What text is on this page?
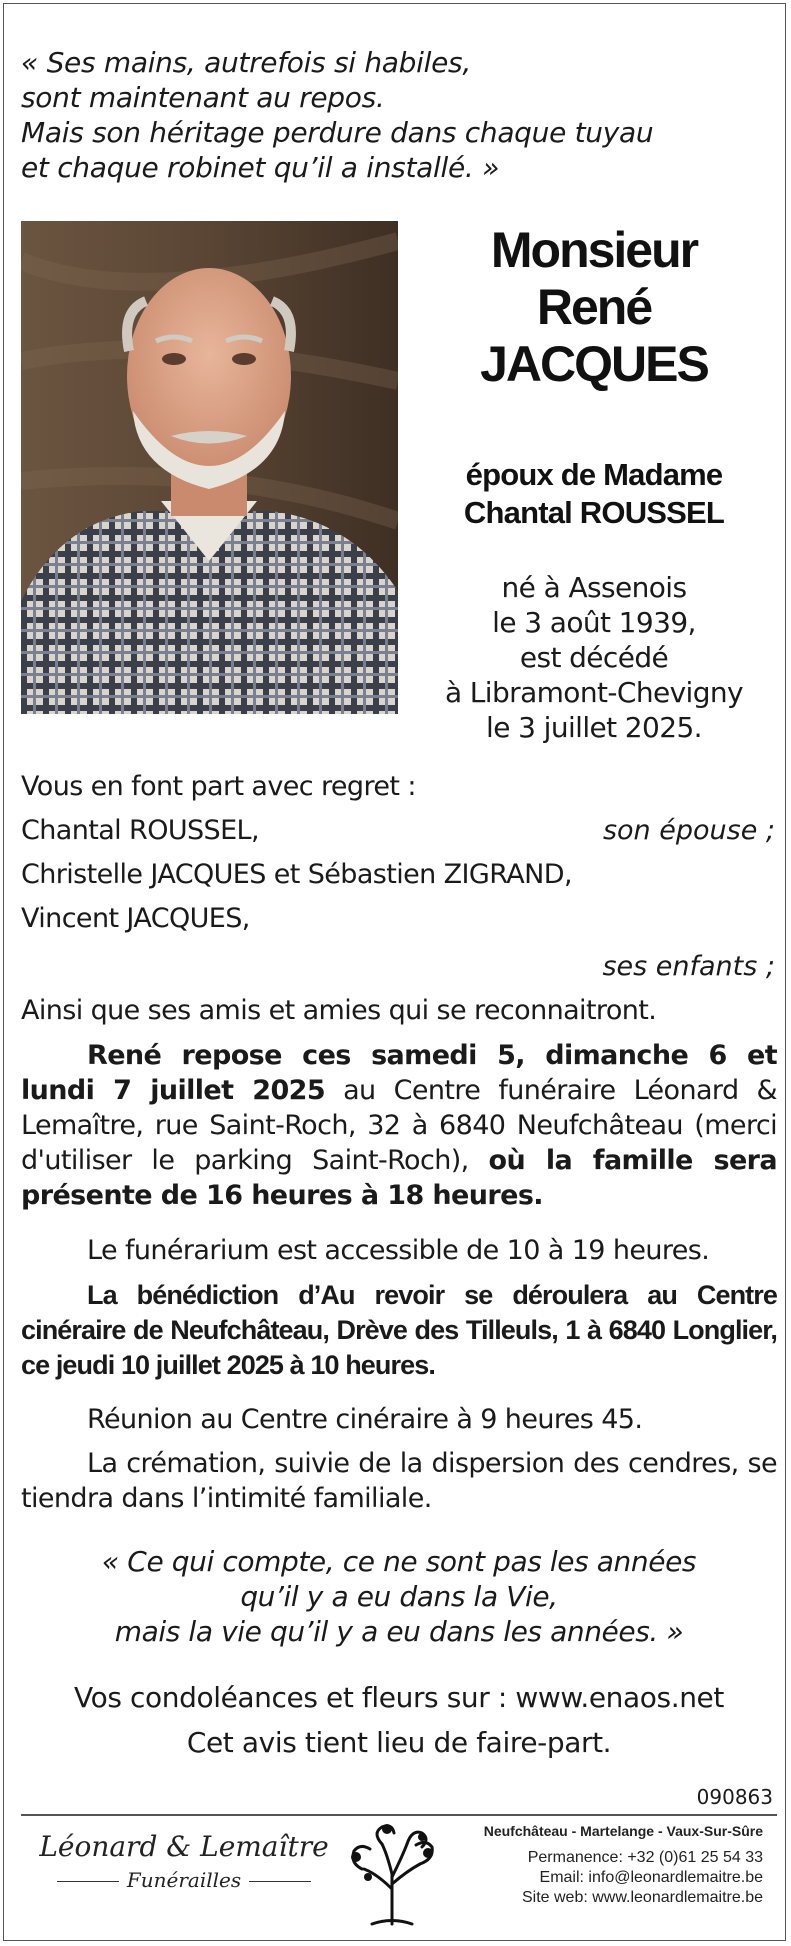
« Ses mains, autrefois si habiles,
sont maintenant au repos.
Mais son héritage perdure dans chaque tuyau
et chaque robinet qu’il a installé. »
Monsieur
René
JACQUES
époux de Madame
Chantal ROUSSEL
né à Assenois
le 3 août 1939,
est décédé
à Libramont-Chevigny
le 3 juillet 2025.
Vous en font part avec regret :
Chantal ROUSSEL,	son épouse ;
Christelle JACQUES et Sébastien ZIGRAND,
Vincent JACQUES,
ses enfants ;
Ainsi que ses amis et amies qui se reconnaitront.
René repose ces samedi 5, dimanche 6 et lundi 7 juillet 2025 au Centre funéraire Léonard & Lemaître, rue Saint-Roch, 32 à 6840 Neufchâteau (merci d'utiliser le parking Saint-Roch), où la famille sera présente de 16 heures à 18 heures.
Le funérarium est accessible de 10 à 19 heures.
La bénédiction d’Au revoir se déroulera au Centre cinéraire de Neufchâteau, Drève des Tilleuls, 1 à 6840 Longlier, ce jeudi 10 juillet 2025 à 10 heures.
Réunion au Centre cinéraire à 9 heures 45.
La crémation, suivie de la dispersion des cendres, se tiendra dans l’intimité familiale.
« Ce qui compte, ce ne sont pas les années
qu’il y a eu dans la Vie,
mais la vie qu’il y a eu dans les années. »
Vos condoléances et fleurs sur : www.enaos.net
Cet avis tient lieu de faire-part.
090863
Léonard & Lemaître
Funérailles
Neufchâteau - Martelange - Vaux-Sur-Sûre
Permanence: +32 (0)61 25 54 33
Email: info@leonardlemaitre.be
Site web: www.leonardlemaitre.be
